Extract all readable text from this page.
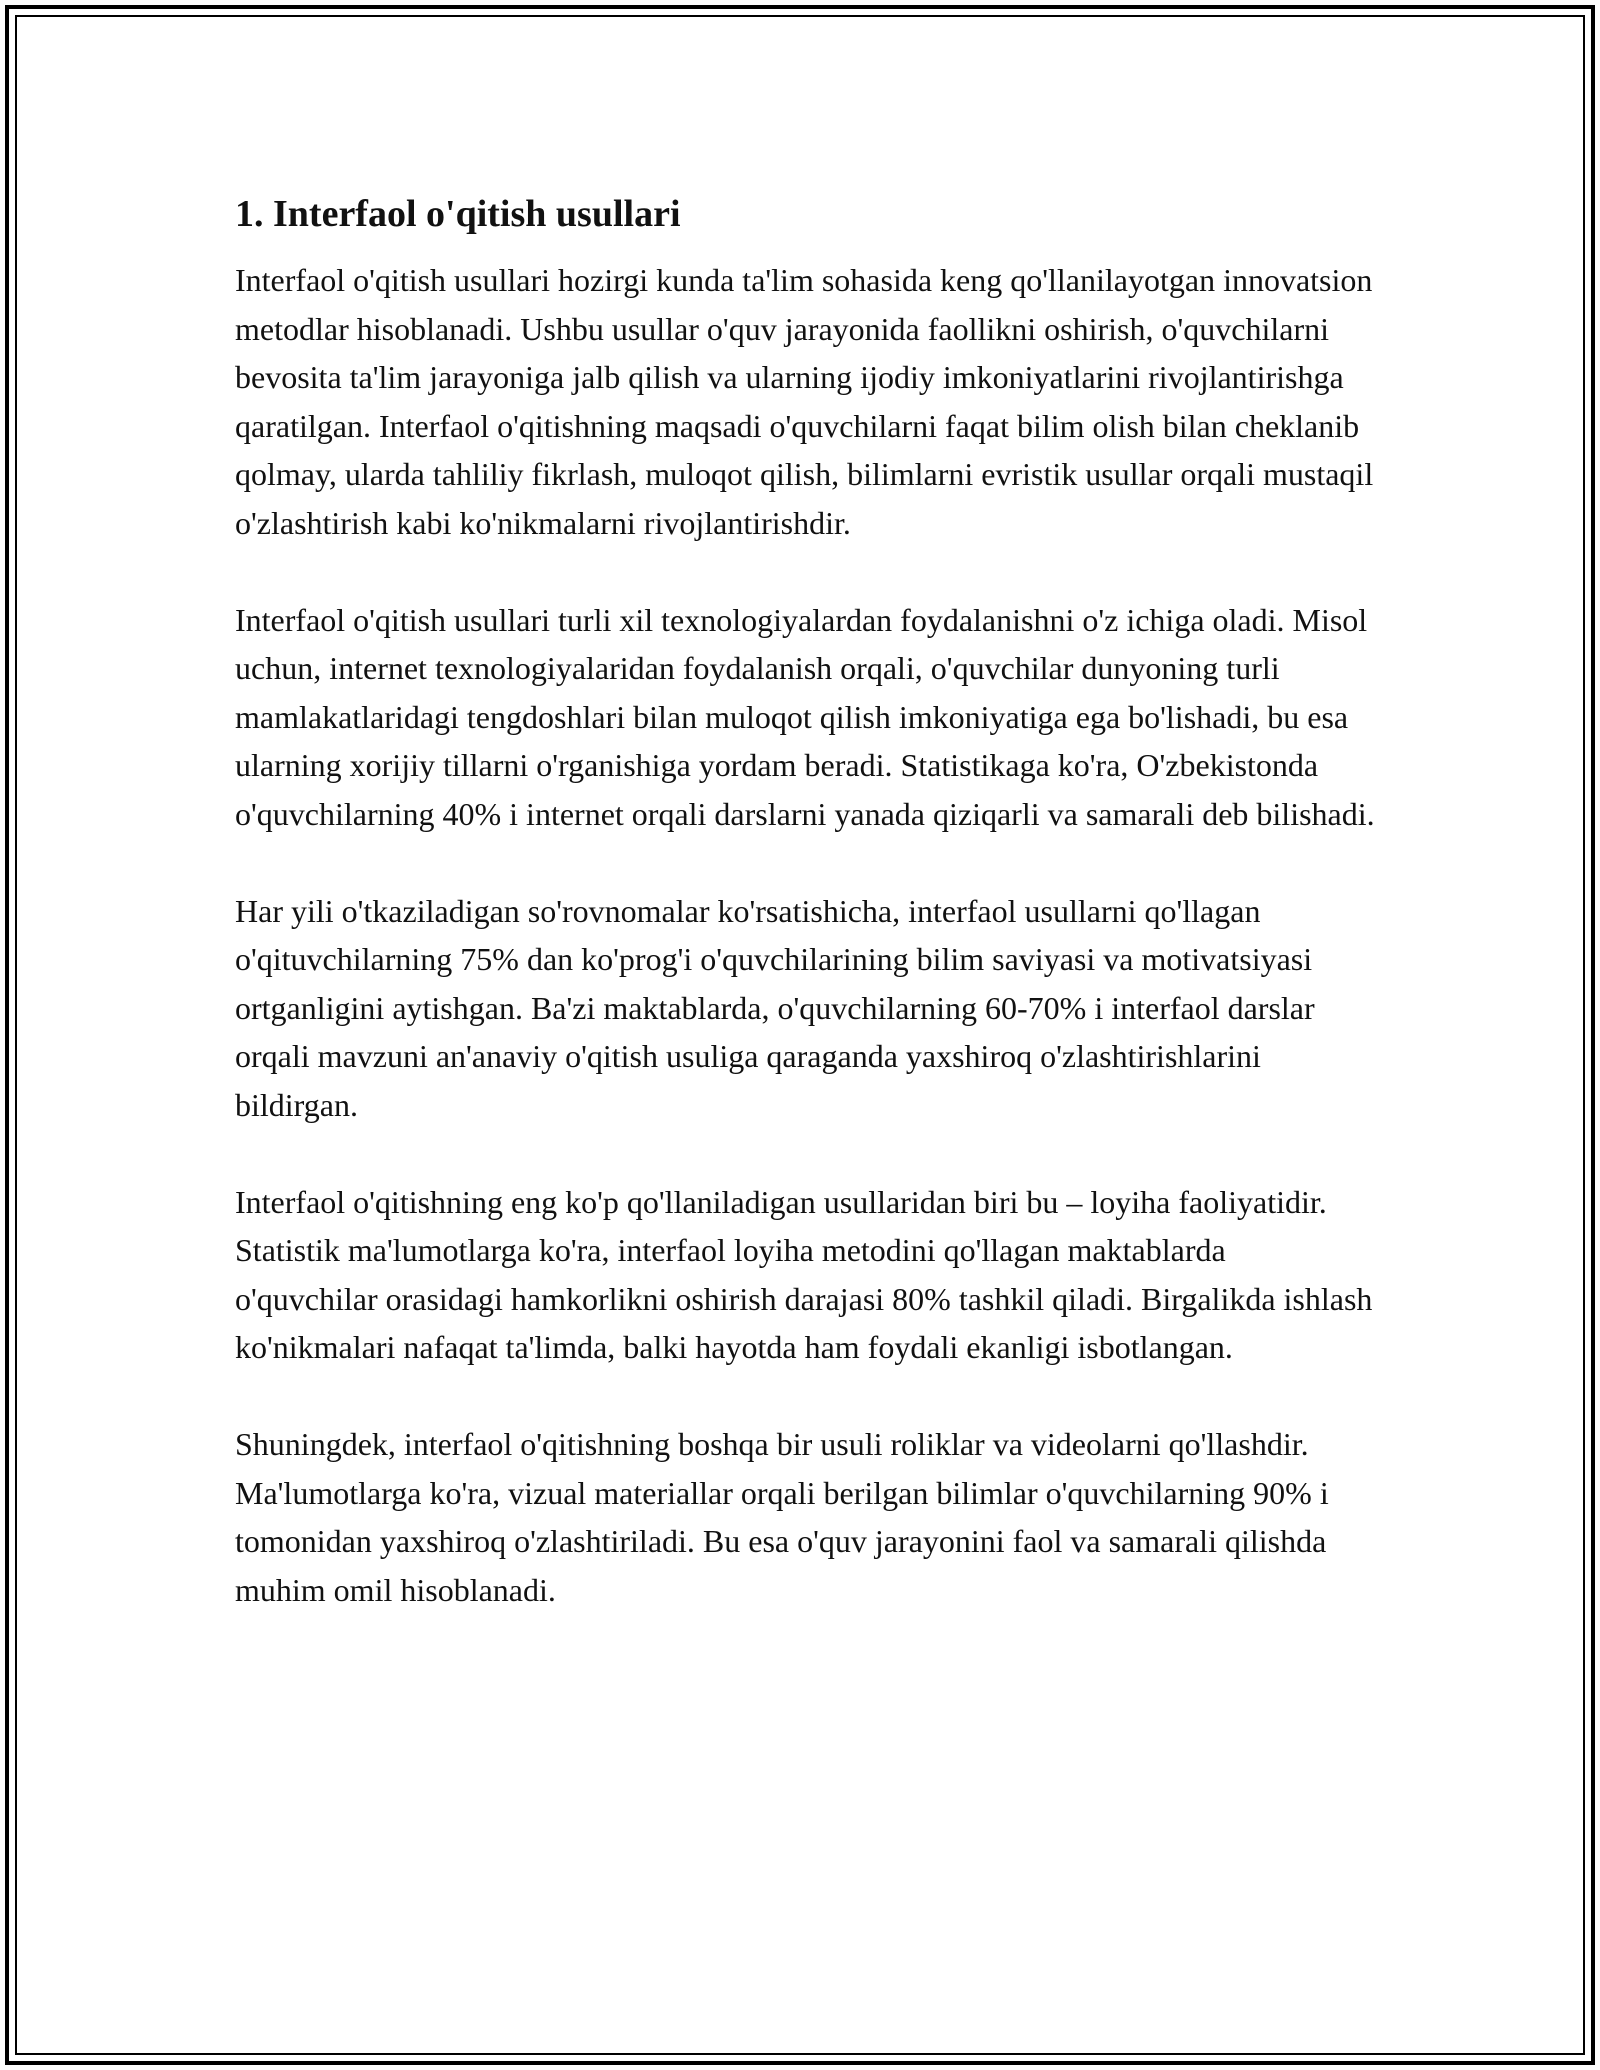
1. Interfaol o'qitish usullari

Interfaol o'qitish usullari hozirgi kunda ta'lim sohasida keng qo'llanilayotgan innovatsion metodlar hisoblanadi. Ushbu usullar o'quv jarayonida faollikni oshirish, o'quvchilarni bevosita ta'lim jarayoniga jalb qilish va ularning ijodiy imkoniyatlarini rivojlantirishga qaratilgan. Interfaol o'qitishning maqsadi o'quvchilarni faqat bilim olish bilan cheklanib qolmay, ularda tahliliy fikrlash, muloqot qilish, bilimlarni evristik usullar orqali mustaqil o'zlashtirish kabi ko'nikmalarni rivojlantirishdir.

Interfaol o'qitish usullari turli xil texnologiyalardan foydalanishni o'z ichiga oladi. Misol uchun, internet texnologiyalaridan foydalanish orqali, o'quvchilar dunyoning turli mamlakatlaridagi tengdoshlari bilan muloqot qilish imkoniyatiga ega bo'lishadi, bu esa ularning xorijiy tillarni o'rganishiga yordam beradi. Statistikaga ko'ra, O'zbekistonda o'quvchilarning 40% i internet orqali darslarni yanada qiziqarli va samarali deb bilishadi.

Har yili o'tkaziladigan so'rovnomalar ko'rsatishicha, interfaol usullarni qo'llagan o'qituvchilarning 75% dan ko'prog'i o'quvchilarining bilim saviyasi va motivatsiyasi ortganligini aytishgan. Ba'zi maktablarda, o'quvchilarning 60-70% i interfaol darslar orqali mavzuni an'anaviy o'qitish usuliga qaraganda yaxshiroq o'zlashtirishlarini bildirgan.

Interfaol o'qitishning eng ko'p qo'llaniladigan usullaridan biri bu – loyiha faoliyatidir. Statistik ma'lumotlarga ko'ra, interfaol loyiha metodini qo'llagan maktablarda o'quvchilar orasidagi hamkorlikni oshirish darajasi 80% tashkil qiladi. Birgalikda ishlash ko'nikmalari nafaqat ta'limda, balki hayotda ham foydali ekanligi isbotlangan.

Shuningdek, interfaol o'qitishning boshqa bir usuli roliklar va videolarni qo'llashdir. Ma'lumotlarga ko'ra, vizual materiallar orqali berilgan bilimlar o'quvchilarning 90% i tomonidan yaxshiroq o'zlashtiriladi. Bu esa o'quv jarayonini faol va samarali qilishda muhim omil hisoblanadi.
